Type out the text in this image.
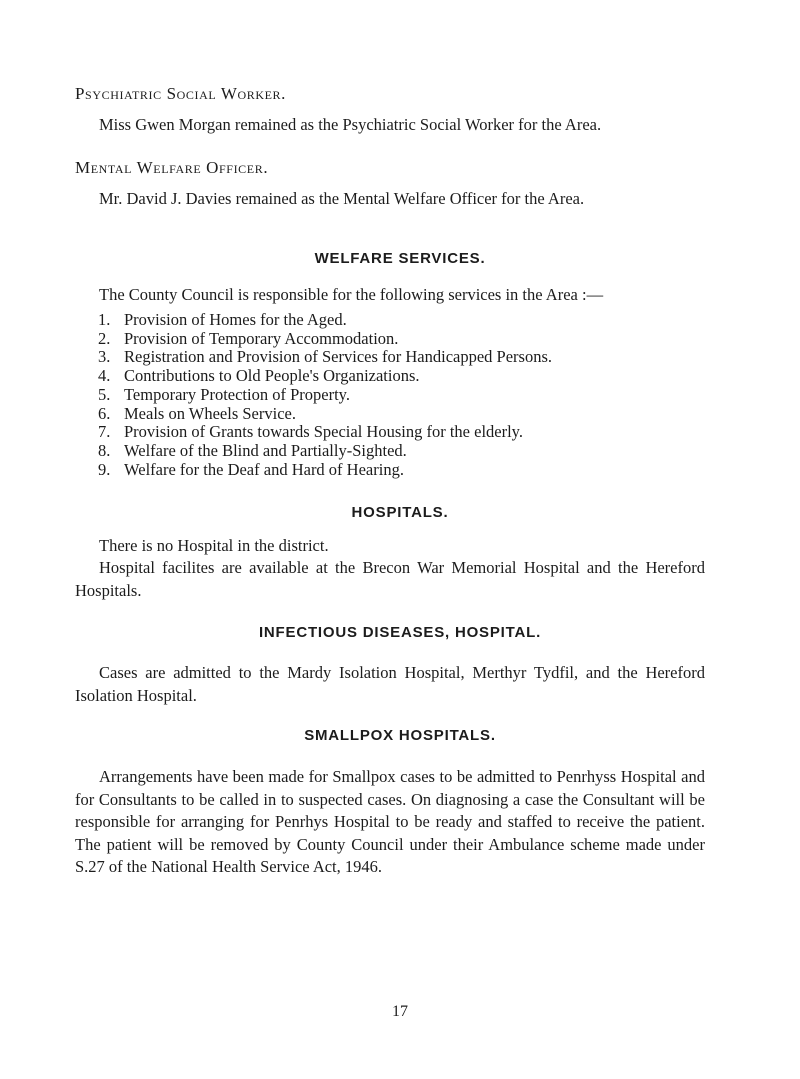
Psychiatric Social Worker.

Miss Gwen Morgan remained as the Psychiatric Social Worker for the Area.

Mental Welfare Officer.

Mr. David J. Davies remained as the Mental Welfare Officer for the Area.

WELFARE SERVICES.

The County Council is responsible for the following services in the Area :—

1. Provision of Homes for the Aged.
2. Provision of Temporary Accommodation.
3. Registration and Provision of Services for Handicapped Persons.
4. Contributions to Old People's Organizations.
5. Temporary Protection of Property.
6. Meals on Wheels Service.
7. Provision of Grants towards Special Housing for the elderly.
8. Welfare of the Blind and Partially-Sighted.
9. Welfare for the Deaf and Hard of Hearing.
HOSPITALS.

There is no Hospital in the district.

Hospital facilites are available at the Brecon War Memorial Hospital and the Hereford Hospitals.

INFECTIOUS DISEASES, HOSPITAL.

Cases are admitted to the Mardy Isolation Hospital, Merthyr Tydfil, and the Hereford Isolation Hospital.

SMALLPOX HOSPITALS.

Arrangements have been made for Smallpox cases to be admitted to Penrhyss Hospital and for Consultants to be called in to suspected cases. On diagnosing a case the Consultant will be responsible for arranging for Penrhys Hospital to be ready and staffed to receive the patient. The patient will be removed by County Council under their Ambulance scheme made under S.27 of the National Health Service Act, 1946.

17
